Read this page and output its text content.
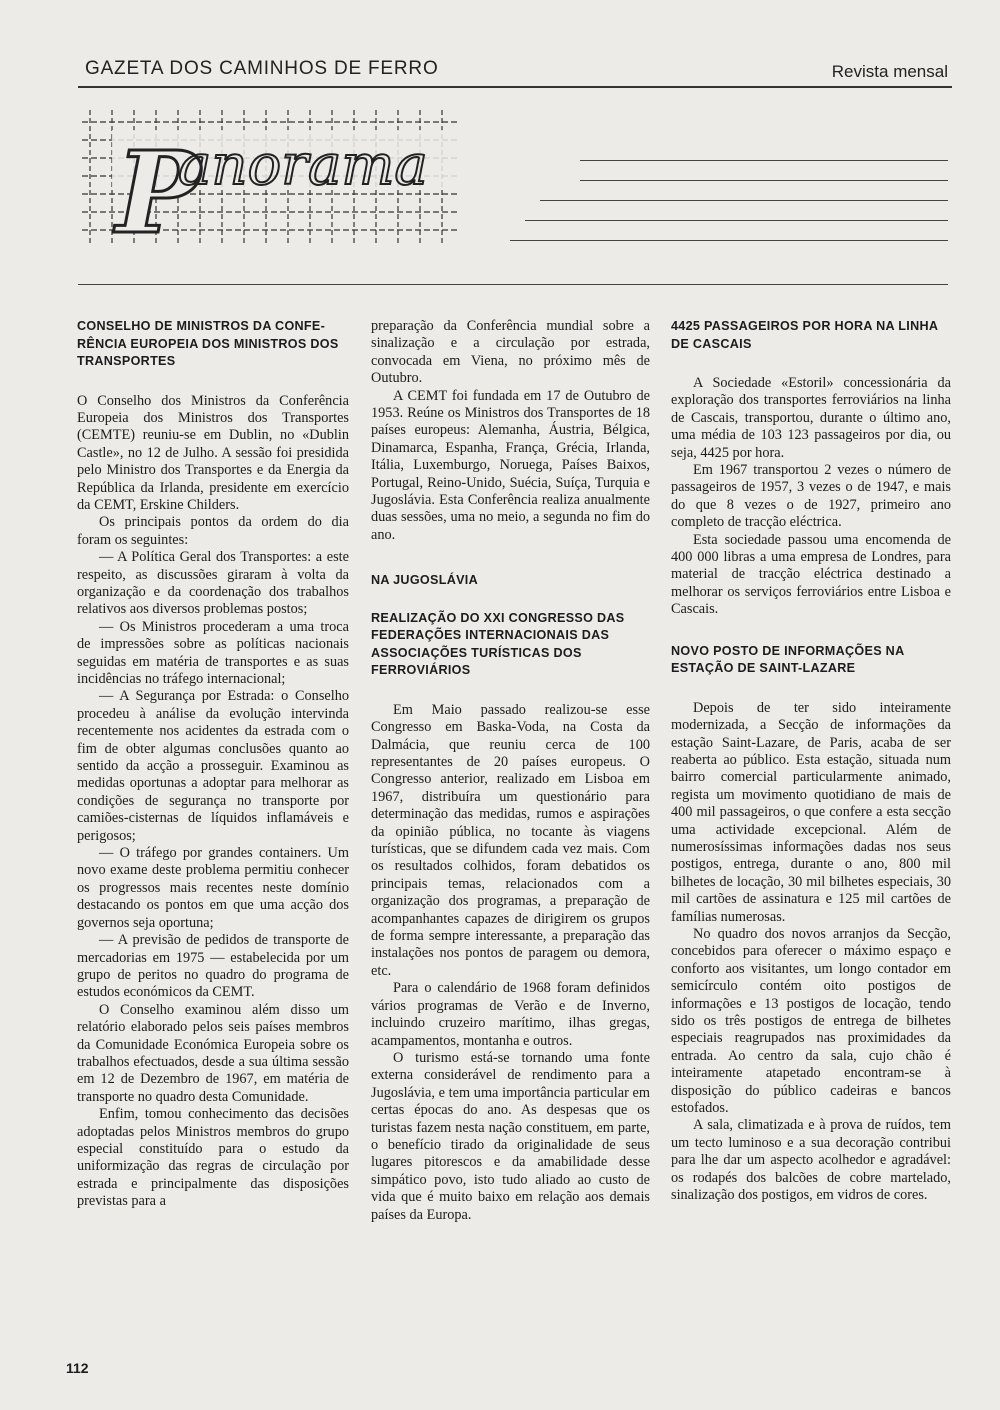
GAZETA DOS CAMINHOS DE FERRO	Revista mensal
P
anorama
CONSELHO DE MINISTROS DA CONFE-RÊNCIA EUROPEIA DOS MINISTROS DOS TRANSPORTES

O Conselho dos Ministros da Conferência Europeia dos Ministros dos Transportes (CEMTE) reuniu-se em Dublin, no «Dublin Castle», no 12 de Julho. A sessão foi presidida pelo Ministro dos Transportes e da Energia da República da Irlanda, presidente em exercício da CEMT, Erskine Childers.

Os principais pontos da ordem do dia foram os seguintes:

— A Política Geral dos Transportes: a este respeito, as discussões giraram à volta da organização e da coordenação dos trabalhos relativos aos diversos problemas postos;

— Os Ministros procederam a uma troca de impressões sobre as políticas nacionais seguidas em matéria de transportes e as suas incidências no tráfego internacional;

— A Segurança por Estrada: o Conselho procedeu à análise da evolução intervinda recentemente nos acidentes da estrada com o fim de obter algumas conclusões quanto ao sentido da acção a prosseguir. Examinou as medidas oportunas a adoptar para melhorar as condições de segurança no transporte por camiões-cisternas de líquidos inflamáveis e perigosos;

— O tráfego por grandes containers. Um novo exame deste problema permitiu conhecer os progressos mais recentes neste domínio destacando os pontos em que uma acção dos governos seja oportuna;

— A previsão de pedidos de transporte de mercadorias em 1975 — estabelecida por um grupo de peritos no quadro do programa de estudos económicos da CEMT.

O Conselho examinou além disso um relatório elaborado pelos seis países membros da Comunidade Económica Europeia sobre os trabalhos efectuados, desde a sua última sessão em 12 de Dezembro de 1967, em matéria de transporte no quadro desta Comunidade.

Enfim, tomou conhecimento das decisões adoptadas pelos Ministros membros do grupo especial constituído para o estudo da uniformização das regras de circulação por estrada e principalmente das disposições previstas para a

preparação da Conferência mundial sobre a sinalização e a circulação por estrada, convocada em Viena, no próximo mês de Outubro.

A CEMT foi fundada em 17 de Outubro de 1953. Reúne os Ministros dos Transportes de 18 países europeus: Alemanha, Áustria, Bélgica, Dinamarca, Espanha, França, Grécia, Irlanda, Itália, Luxemburgo, Noruega, Países Baixos, Portugal, Reino-Unido, Suécia, Suíça, Turquia e Jugoslávia. Esta Conferência realiza anualmente duas sessões, uma no meio, a segunda no fim do ano.

NA JUGOSLÁVIA
REALIZAÇÃO DO XXI CONGRESSO DAS FEDERAÇÕES INTERNACIONAIS DAS ASSOCIAÇÕES TURÍSTICAS DOS FERROVIÁRIOS

Em Maio passado realizou-se esse Congresso em Baska-Voda, na Costa da Dalmácia, que reuniu cerca de 100 representantes de 20 países europeus. O Congresso anterior, realizado em Lisboa em 1967, distribuíra um questionário para determinação das medidas, rumos e aspirações da opinião pública, no tocante às viagens turísticas, que se difundem cada vez mais. Com os resultados colhidos, foram debatidos os principais temas, relacionados com a organização dos programas, a preparação de acompanhantes capazes de dirigirem os grupos de forma sempre interessante, a preparação das instalações nos pontos de paragem ou demora, etc.

Para o calendário de 1968 foram definidos vários programas de Verão e de Inverno, incluindo cruzeiro marítimo, ilhas gregas, acampamentos, montanha e outros.

O turismo está-se tornando uma fonte externa considerável de rendimento para a Jugoslávia, e tem uma importância particular em certas épocas do ano. As despesas que os turistas fazem nesta nação constituem, em parte, o benefício tirado da originalidade de seus lugares pitorescos e da amabilidade desse simpático povo, isto tudo aliado ao custo de vida que é muito baixo em relação aos demais países da Europa.

4425 PASSAGEIROS POR HORA NA LINHA DE CASCAIS

A Sociedade «Estoril» concessionária da exploração dos transportes ferroviários na linha de Cascais, transportou, durante o último ano, uma média de 103 123 passageiros por dia, ou seja, 4425 por hora.

Em 1967 transportou 2 vezes o número de passageiros de 1957, 3 vezes o de 1947, e mais do que 8 vezes o de 1927, primeiro ano completo de tracção eléctrica.

Esta sociedade passou uma encomenda de 400 000 libras a uma empresa de Londres, para material de tracção eléctrica destinado a melhorar os serviços ferroviários entre Lisboa e Cascais.

NOVO POSTO DE INFORMAÇÕES NA ESTAÇÃO DE SAINT-LAZARE

Depois de ter sido inteiramente modernizada, a Secção de informações da estação Saint-Lazare, de Paris, acaba de ser reaberta ao público. Esta estação, situada num bairro comercial particularmente animado, regista um movimento quotidiano de mais de 400 mil passageiros, o que confere a esta secção uma actividade excepcional. Além de numerosíssimas informações dadas nos seus postigos, entrega, durante o ano, 800 mil bilhetes de locação, 30 mil bilhetes especiais, 30 mil cartões de assinatura e 125 mil cartões de famílias numerosas.

No quadro dos novos arranjos da Secção, concebidos para oferecer o máximo espaço e conforto aos visitantes, um longo contador em semicírculo contém oito postigos de informações e 13 postigos de locação, tendo sido os três postigos de entrega de bilhetes especiais reagrupados nas proximidades da entrada. Ao centro da sala, cujo chão é inteiramente atapetado encontram-se à disposição do público cadeiras e bancos estofados.

A sala, climatizada e à prova de ruídos, tem um tecto luminoso e a sua decoração contribui para lhe dar um aspecto acolhedor e agradável: os rodapés dos balcões de cobre martelado, sinalização dos postigos, em vidros de cores.

112
